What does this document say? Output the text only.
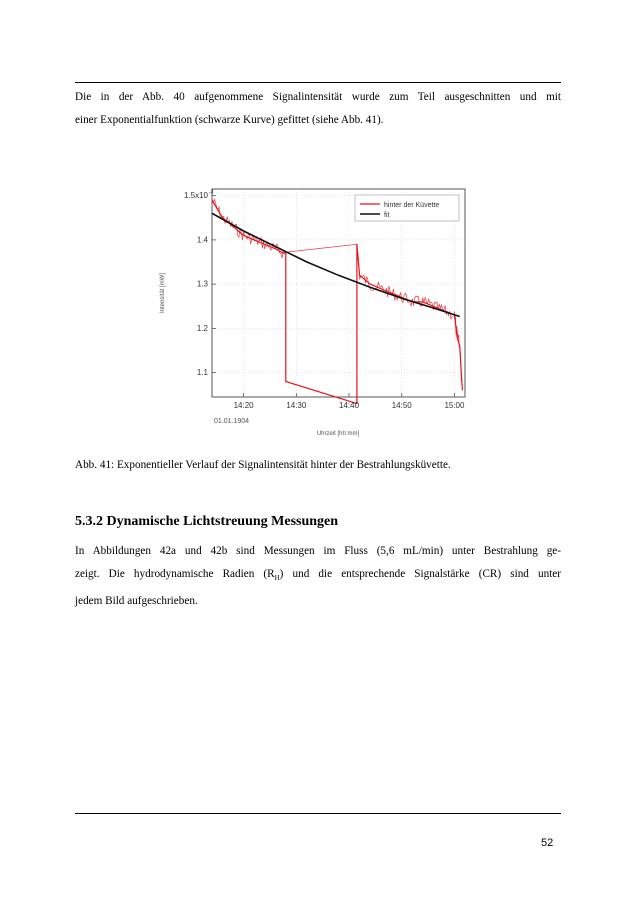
Die in der Abb. 40 aufgenommene Signalintensität wurde zum Teil ausgeschnitten und mit
einer Exponentialfunktion (schwarze Kurve) gefittet (siehe Abb. 41).

1.5x10 -3
1.4
1.3
1.2
1.1
14:20	14:30	14:40	14:50	15:00
Intensität [mW]
01.01.1904
Uhrzeit [hh:mm]
hinter der Küvette
fit

Abb. 41: Exponentieller Verlauf der Signalintensität hinter der Bestrahlungsküvette.

5.3.2 Dynamische Lichtstreuung Messungen

In Abbildungen 42a und 42b sind Messungen im Fluss (5,6 mL/min) unter Bestrahlung ge-
zeigt. Die hydrodynamische Radien $(R_H)$ und die entsprechende Signalstärke (CR) sind unter
jedem Bild aufgeschrieben.

52
